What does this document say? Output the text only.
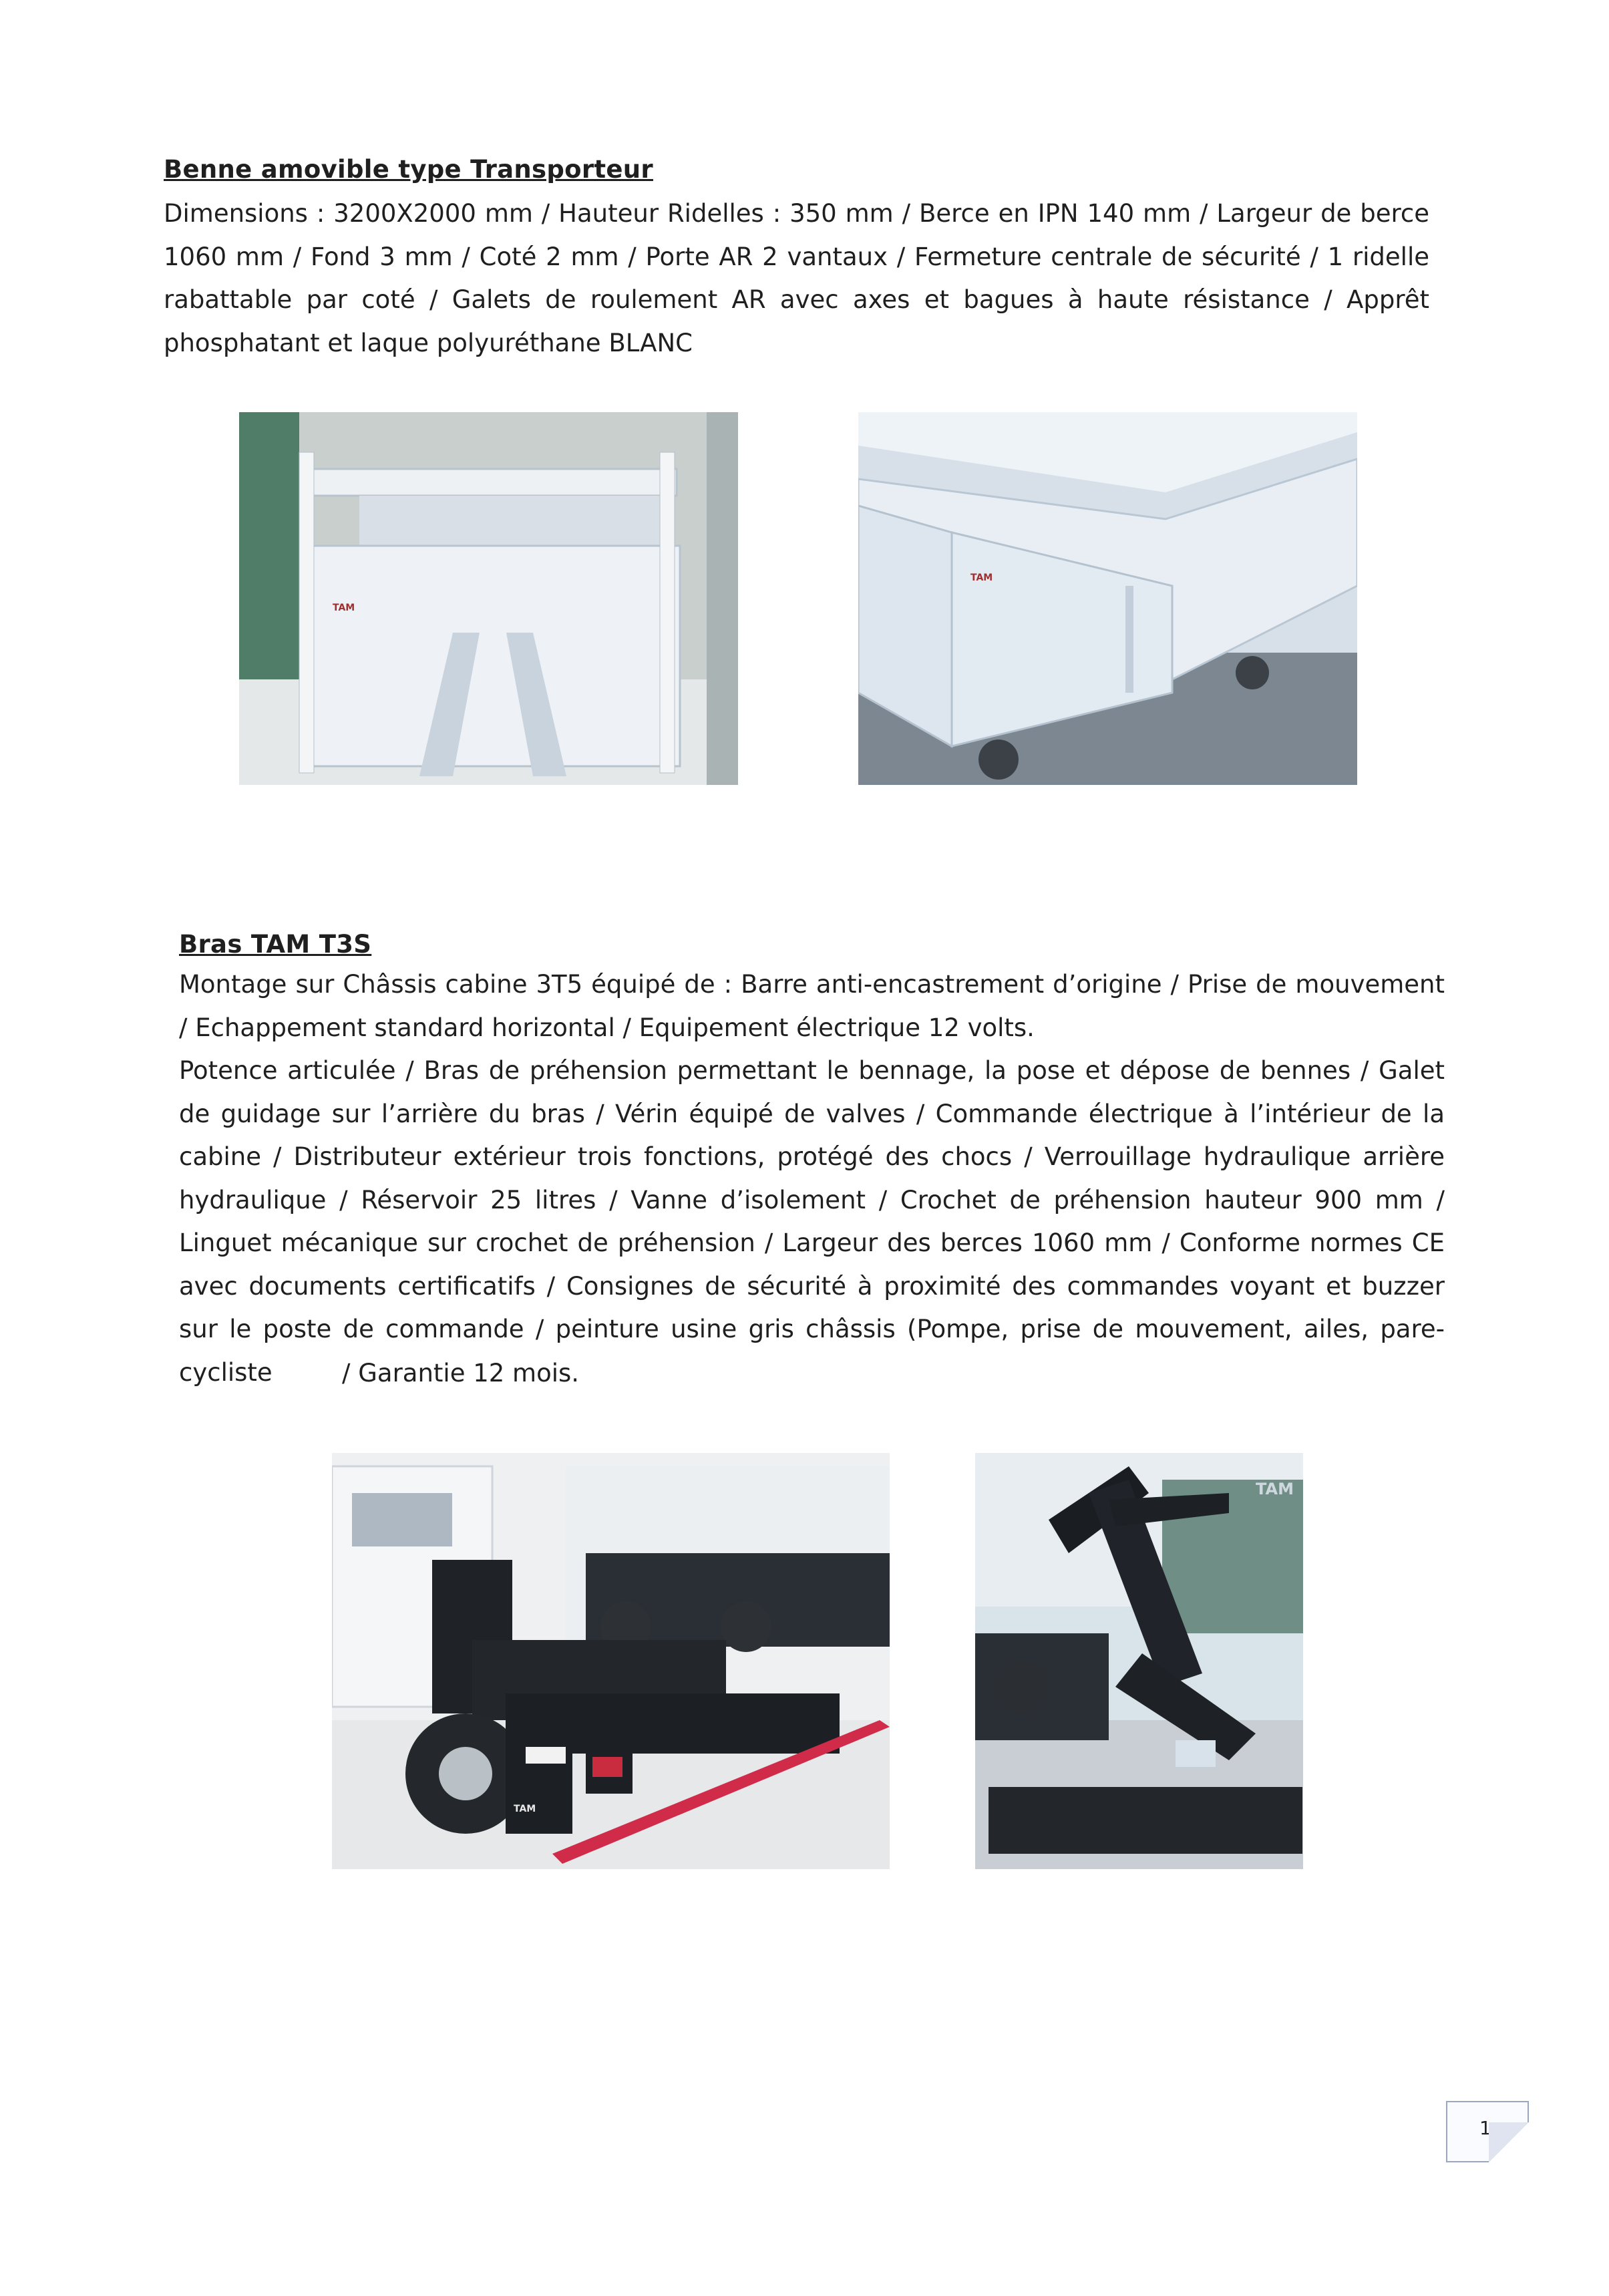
Benne amovible type Transporteur
Dimensions : 3200X2000 mm / Hauteur Ridelles : 350 mm / Berce en IPN 140 mm / Largeur de berce 1060 mm / Fond 3 mm / Coté 2 mm / Porte AR 2 vantaux / Fermeture centrale de sécurité / 1 ridelle rabattable par coté / Galets de roulement AR avec axes et bagues à haute résistance / Apprêt phosphatant et laque polyuréthane BLANC
TAM
TAM
Bras TAM T3S
Montage sur Châssis cabine 3T5 équipé de : Barre anti-encastrement d’origine / Prise de mouvement / Echappement standard horizontal / Equipement électrique 12 volts.
Potence articulée / Bras de préhension permettant le bennage, la pose et dépose de bennes / Galet de guidage sur l’arrière du bras / Vérin équipé de valves / Commande électrique à l’intérieur de la cabine / Distributeur extérieur trois fonctions, protégé des chocs / Verrouillage hydraulique arrière hydraulique / Réservoir 25 litres / Vanne d’isolement / Crochet de préhension hauteur 900 mm / Linguet mécanique sur crochet de préhension / Largeur des berces 1060 mm / Conforme normes CE avec documents certificatifs / Consignes de sécurité à proximité des commandes voyant et buzzer sur le poste de commande / peinture usine gris châssis (Pompe, prise de mouvement, ailes, pare-cycliste	/ Garantie 12 mois.
TAM
TAM
1
